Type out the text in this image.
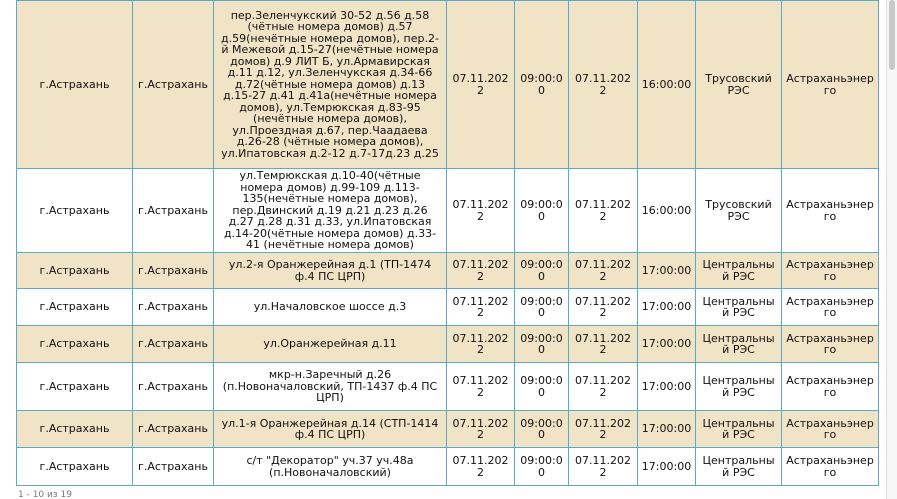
г.Астрахань	г.Астрахань	пер.Зеленчукский 30-52 д.56 д.58 (чётные номера домов) д.57 д.59(нечётные номера домов), пер.2-й Межевой д.15-27(нечётные номера домов) д.9 ЛИТ Б, ул.Армавирская д.11 д.12, ул.Зеленчукская д.34-66 д.72(чётные номера домов) д.13 д.15-27 д.41 д.41а(нечётные номера домов), ул.Темрюкская д.83-95 (нечётные номера домов), ул.Проездная д.67, пер.Чаадаева д.26-28 (чётные номера домов), ул.Ипатовская д.2-12 д.7-17д.23 д.25	07.11.2022	09:00:00	07.11.2022	16:00:00	Трусовский РЭС	Астраханьэнерго
г.Астрахань	г.Астрахань	ул.Темрюкская д.10-40(чётные номера домов) д.99-109 д.113-135(нечётные номера домов), пер.Двинский д.19 д.21 д.23 д.26 д.27 д.28 д.31 д.33, ул.Ипатовская д.14-20(чётные номера домов) д.33-41 (нечётные номера домов)	07.11.2022	09:00:00	07.11.2022	16:00:00	Трусовский РЭС	Астраханьэнерго
г.Астрахань	г.Астрахань	ул.2-я Оранжерейная д.1 (ТП-1474 ф.4 ПС ЦРП)	07.11.2022	09:00:00	07.11.2022	17:00:00	Центральный РЭС	Астраханьэнерго
г.Астрахань	г.Астрахань	ул.Началовское шоссе д.3	07.11.2022	09:00:00	07.11.2022	17:00:00	Центральный РЭС	Астраханьэнерго
г.Астрахань	г.Астрахань	ул.Оранжерейная д.11	07.11.2022	09:00:00	07.11.2022	17:00:00	Центральный РЭС	Астраханьэнерго
г.Астрахань	г.Астрахань	мкр-н.Заречный д.26 (п.Новоначаловский, ТП-1437 ф.4 ПС ЦРП)	07.11.2022	09:00:00	07.11.2022	17:00:00	Центральный РЭС	Астраханьэнерго
г.Астрахань	г.Астрахань	ул.1-я Оранжерейная д.14 (СТП-1414 ф.4 ПС ЦРП)	07.11.2022	09:00:00	07.11.2022	17:00:00	Центральный РЭС	Астраханьэнерго
г.Астрахань	г.Астрахань	с/т "Декоратор" уч.37 уч.48а (п.Новоначаловский)	07.11.2022	09:00:00	07.11.2022	17:00:00	Центральный РЭС	Астраханьэнерго
1 - 10 из 19
